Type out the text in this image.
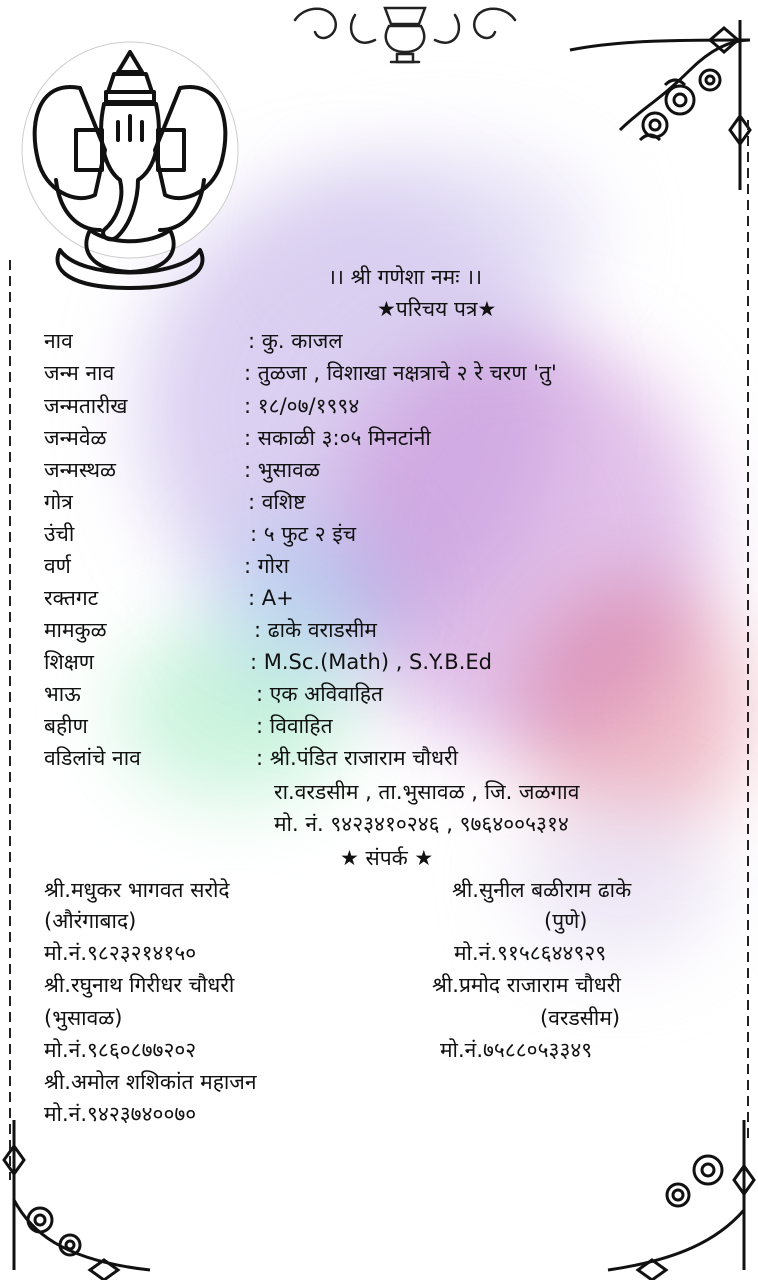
।। श्री गणेशा नमः ।।
★परिचय पत्र★
नाव	: कु. काजल
जन्म नाव	: तुळजा , विशाखा नक्षत्राचे २ रे चरण 'तु'
जन्मतारीख	: १८/०७/१९९४
जन्मवेळ	: सकाळी ३:०५ मिनटांनी
जन्मस्थळ	: भुसावळ
गोत्र	: वशिष्ट
उंची	: ५ फुट २ इंच
वर्ण	: गोरा
रक्तगट	: A+
मामकुळ	: ढाके वराडसीम
शिक्षण	: M.Sc.(Math) , S.Y.B.Ed
भाऊ	: एक अविवाहित
बहीण	: विवाहित
वडिलांचे नाव	: श्री.पंडित राजाराम चौधरी
रा.वरडसीम , ता.भुसावळ , जि. जळगाव
मो. नं. ९४२३४१०२४६ , ९७६४००५३१४
★ संपर्क ★
श्री.मधुकर भागवत सरोदे
(औरंगाबाद)
मो.नं.९८२३२१४१५०
श्री.रघुनाथ गिरीधर चौधरी
(भुसावळ)
मो.नं.९८६०८७७२०२
श्री.अमोल शशिकांत महाजन
मो.नं.९४२३७४००७०
श्री.सुनील बळीराम ढाके
(पुणे)
मो.नं.९१५८६४४९२९
श्री.प्रमोद राजाराम चौधरी
(वरडसीम)
मो.नं.७५८८०५३३४९
